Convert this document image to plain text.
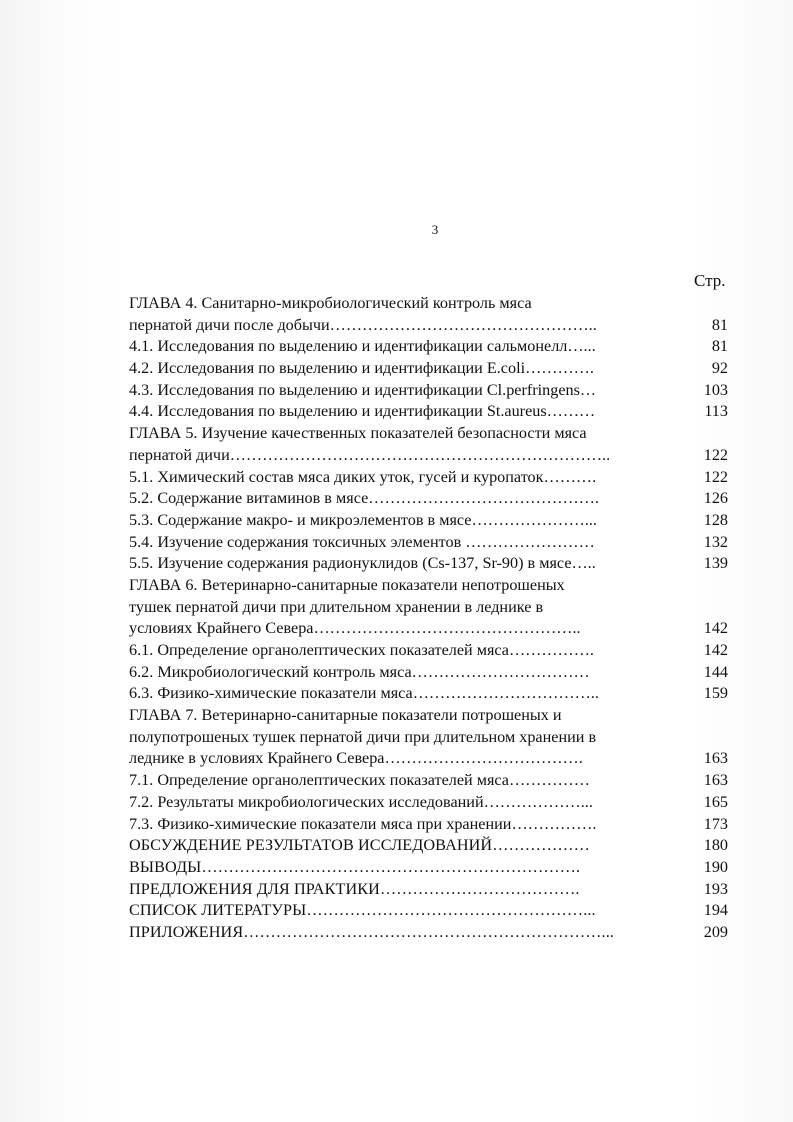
3
Стр.
ГЛАВА 4. Санитарно-микробиологический контроль мяса
пернатой дичи после добычи…………………………………………..	81
4.1. Исследования по выделению и идентификации сальмонелл…...	81
4.2. Исследования по выделению и идентификации E.coli………….	92
4.3. Исследования по выделению и идентификации Cl.perfringens…	103
4.4. Исследования по выделению и идентификации St.aureus………	113
ГЛАВА 5. Изучение качественных показателей безопасности мяса
пернатой дичи……………………………………………………………..	122
5.1. Химический состав мяса диких уток, гусей и куропаток……….	122
5.2. Содержание витаминов в мясе…………………………………….	126
5.3. Содержание макро- и микроэлементов в мясе…………………...	128
5.4. Изучение содержания токсичных элементов ……………………	132
5.5. Изучение содержания радионуклидов (Cs-137, Sr-90) в мясе…..	139
ГЛАВА 6. Ветеринарно-санитарные показатели непотрошеных
тушек пернатой дичи при длительном хранении в леднике в
условиях Крайнего Севера…………………………………………..	142
6.1. Определение органолептических показателей мяса…………….	142
6.2. Микробиологический контроль мяса……………………………	144
6.3. Физико-химические показатели мяса……………………………..	159
ГЛАВА 7. Ветеринарно-санитарные показатели потрошеных и
полупотрошеных тушек пернатой дичи при длительном хранении в
леднике в условиях Крайнего Севера……………………………….	163
7.1. Определение органолептических показателей мяса……………	163
7.2. Результаты микробиологических исследований………………...	165
7.3. Физико-химические показатели мяса при хранении…………….	173
ОБСУЖДЕНИЕ РЕЗУЛЬТАТОВ ИССЛЕДОВАНИЙ………………	180
ВЫВОДЫ…………………………………………………………….	190
ПРЕДЛОЖЕНИЯ ДЛЯ ПРАКТИКИ……………………………….	193
СПИСОК ЛИТЕРАТУРЫ……………………………………………...	194
ПРИЛОЖЕНИЯ…………………………………………………………...	209
